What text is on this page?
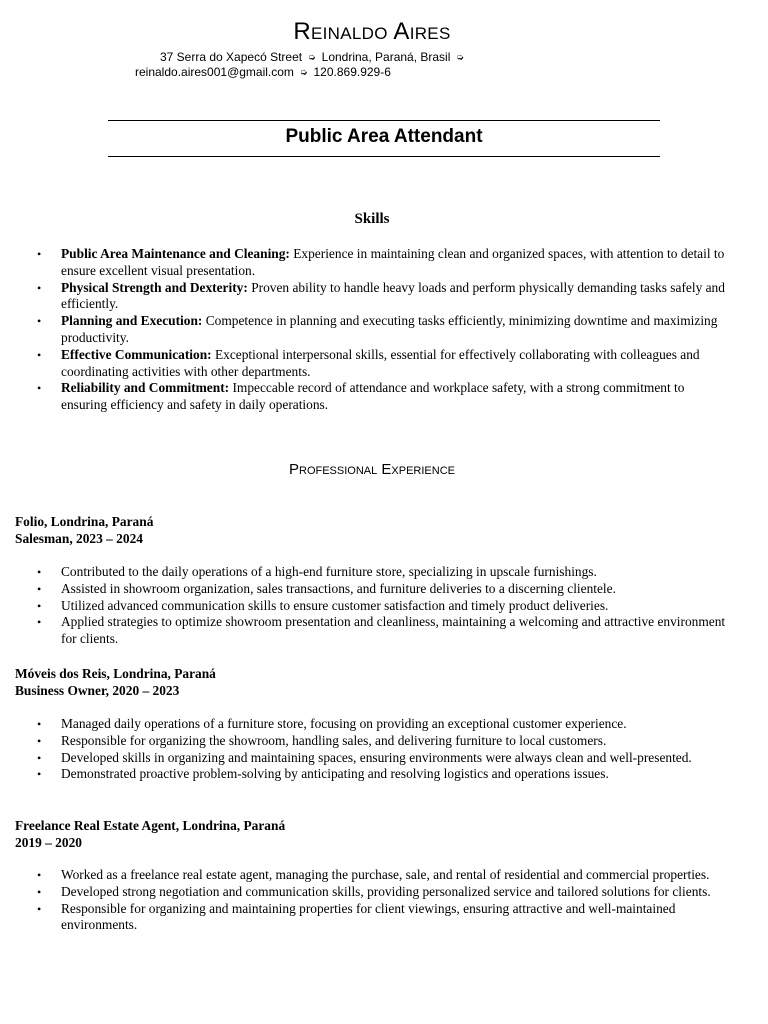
Reinaldo Aires
37 Serra do Xapecó Street ➭ Londrina, Paraná, Brasil ➭
reinaldo.aires001@gmail.com ➭ 120.869.929-6
Public Area Attendant
Skills
• Public Area Maintenance and Cleaning: Experience in maintaining clean and organized spaces, with attention to detail to ensure excellent visual presentation.
• Physical Strength and Dexterity: Proven ability to handle heavy loads and perform physically demanding tasks safely and efficiently.
• Planning and Execution: Competence in planning and executing tasks efficiently, minimizing downtime and maximizing productivity.
• Effective Communication: Exceptional interpersonal skills, essential for effectively collaborating with colleagues and coordinating activities with other departments.
• Reliability and Commitment: Impeccable record of attendance and workplace safety, with a strong commitment to ensuring efficiency and safety in daily operations.
Professional Experience
Folio, Londrina, Paraná
Salesman, 2023 – 2024
• Contributed to the daily operations of a high-end furniture store, specializing in upscale furnishings.
• Assisted in showroom organization, sales transactions, and furniture deliveries to a discerning clientele.
• Utilized advanced communication skills to ensure customer satisfaction and timely product deliveries.
• Applied strategies to optimize showroom presentation and cleanliness, maintaining a welcoming and attractive environment for clients.
Móveis dos Reis, Londrina, Paraná
Business Owner, 2020 – 2023
• Managed daily operations of a furniture store, focusing on providing an exceptional customer experience.
• Responsible for organizing the showroom, handling sales, and delivering furniture to local customers.
• Developed skills in organizing and maintaining spaces, ensuring environments were always clean and well-presented.
• Demonstrated proactive problem-solving by anticipating and resolving logistics and operations issues.
Freelance Real Estate Agent, Londrina, Paraná
2019 – 2020
• Worked as a freelance real estate agent, managing the purchase, sale, and rental of residential and commercial properties.
• Developed strong negotiation and communication skills, providing personalized service and tailored solutions for clients.
• Responsible for organizing and maintaining properties for client viewings, ensuring attractive and well-maintained environments.
